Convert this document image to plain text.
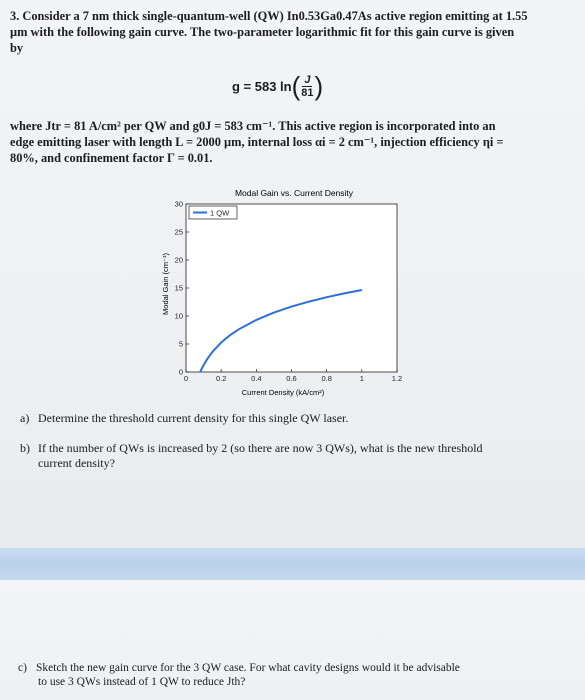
3. Consider a 7 nm thick single-quantum-well (QW) In0.53Ga0.47As active region emitting at 1.55
µm with the following gain curve. The two-parameter logarithmic fit for this gain curve is given
by
g = 583 ln ( $\frac{J}{81}$ )
where Jtr = 81 A/cm² per QW and g0J = 583 cm⁻¹. This active region is incorporated into an
edge emitting laser with length L = 2000 µm, internal loss αi = 2 cm⁻¹, injection efficiency ηi =
80%, and confinement factor Γ = 0.01.
Modal Gain vs. Current Density
Modal Gain (cm⁻¹)
Current Density (kA/cm²)
0	0.2	0.4	0.6	0.8	1	1.2
0
5
10
15
20
25
30
1 QW
a) Determine the threshold current density for this single QW laser.
b) If the number of QWs is increased by 2 (so there are now 3 QWs), what is the new threshold
current density?
c) Sketch the new gain curve for the 3 QW case. For what cavity designs would it be advisable
to use 3 QWs instead of 1 QW to reduce Jth?
